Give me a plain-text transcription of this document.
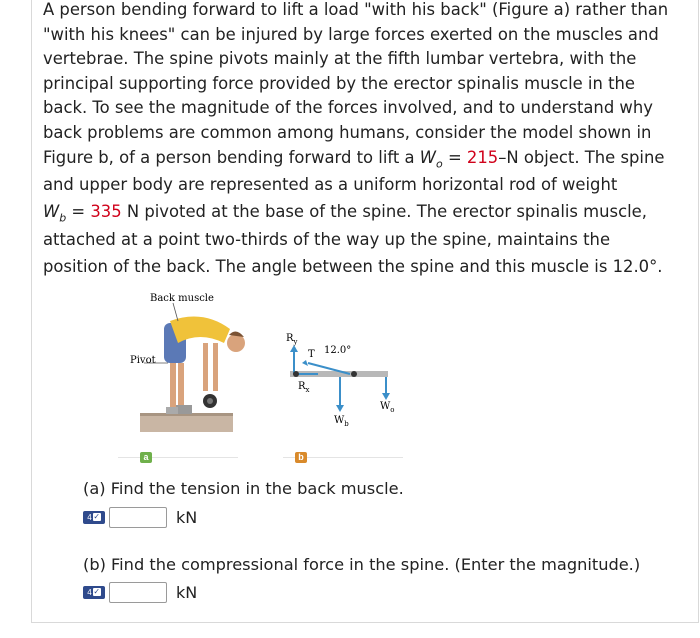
A person bending forward to lift a load "with his back" (Figure a) rather than
"with his knees" can be injured by large forces exerted on the muscles and
vertebrae. The spine pivots mainly at the fifth lumbar vertebra, with the
principal supporting force provided by the erector spinalis muscle in the
back. To see the magnitude of the forces involved, and to understand why
back problems are common among humans, consider the model shown in
Figure b, of a person bending forward to lift a $W_o = 215-N$ object. The spine
and upper body are represented as a uniform horizontal rod of weight
$W_b = 335$ N pivoted at the base of the spine. The erector spinalis muscle,
attached at a point two-thirds of the way up the spine, maintains the
position of the back. The angle between the spine and this muscle is 12.0°.
Back muscle
Pivot
$R_y$
$R_x$
T 12.0°
$W_b$
$W_o$
a	b
(a) Find the tension in the back muscle.
4 ✓	kN
(b) Find the compressional force in the spine. (Enter the magnitude.)
4 ✓	kN
